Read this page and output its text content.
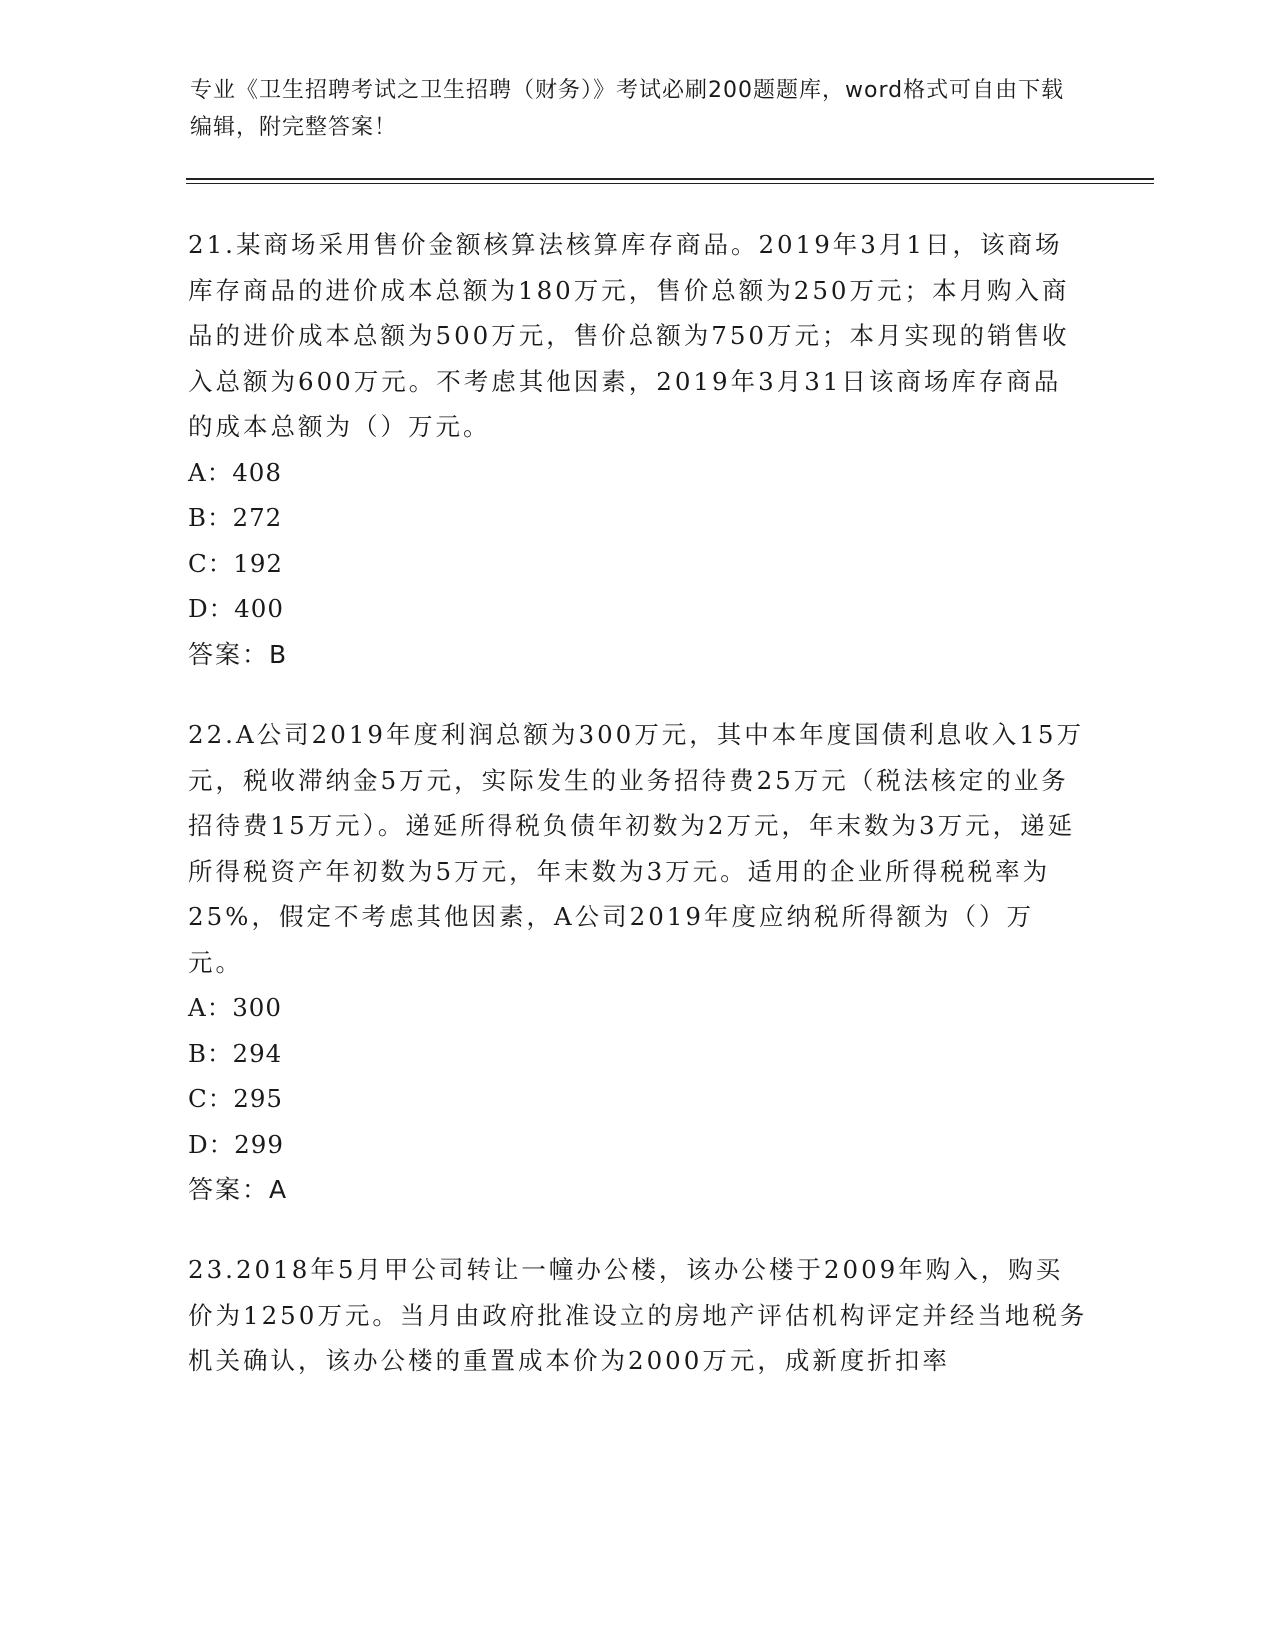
专业《卫生招聘考试之卫生招聘（财务）》考试必刷200题题库，word格式可自由下载编辑，附完整答案！

21.某商场采用售价金额核算法核算库存商品。2019年3月1日，该商场库存商品的进价成本总额为180万元，售价总额为250万元；本月购入商品的进价成本总额为500万元，售价总额为750万元；本月实现的销售收入总额为600万元。不考虑其他因素，2019年3月31日该商场库存商品的成本总额为（）万元。

A：408

B：272

C：192

D：400

答案：B

22.A公司2019年度利润总额为300万元，其中本年度国债利息收入15万元，税收滞纳金5万元，实际发生的业务招待费25万元（税法核定的业务招待费15万元）。递延所得税负债年初数为2万元，年末数为3万元，递延所得税资产年初数为5万元，年末数为3万元。适用的企业所得税税率为25%，假定不考虑其他因素，A公司2019年度应纳税所得额为（）万元。

A：300

B：294

C：295

D：299

答案：A

23.2018年5月甲公司转让一幢办公楼，该办公楼于2009年购入，购买价为1250万元。当月由政府批准设立的房地产评估机构评定并经当地税务机关确认，该办公楼的重置成本价为2000万元，成新度折扣率
